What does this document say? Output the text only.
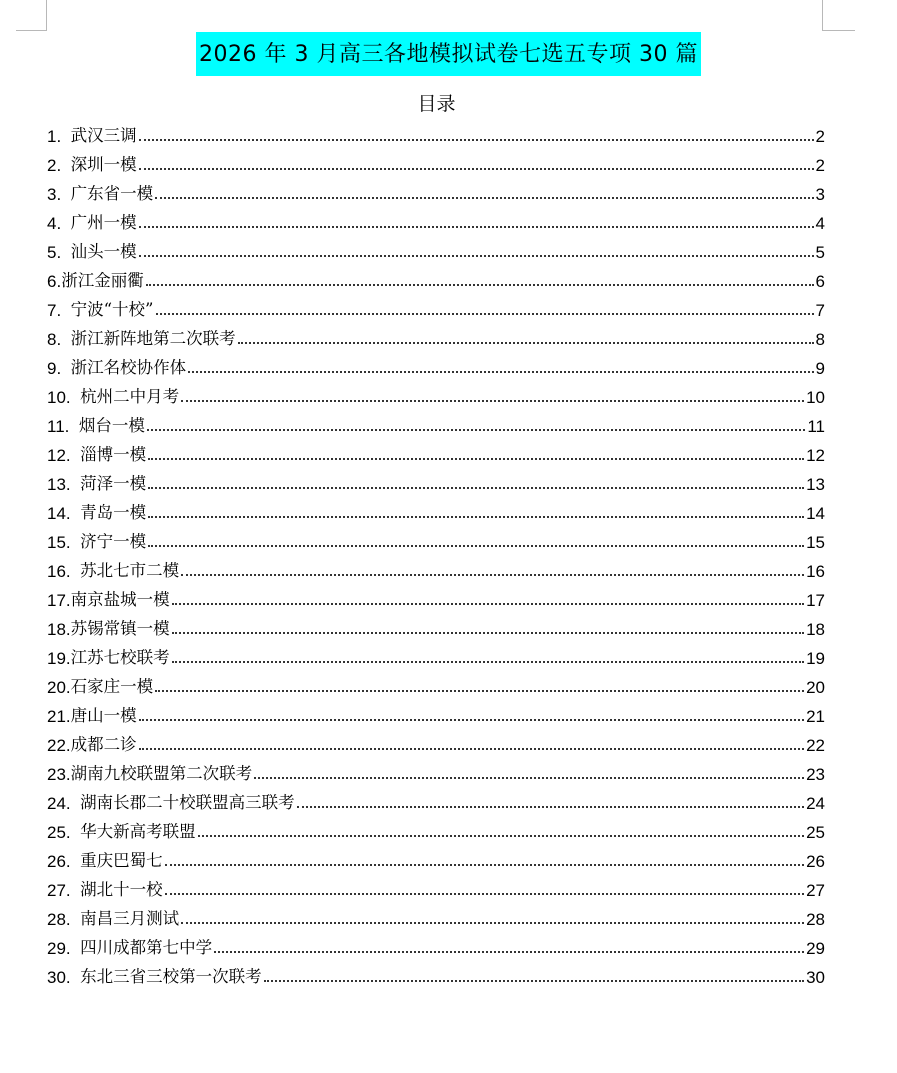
2026 年 3 月高三各地模拟试卷七选五专项 30 篇
目录
1. 武汉三调	2
2. 深圳一模	2
3. 广东省一模	3
4. 广州一模	4
5. 汕头一模	5
6. 浙江金丽衢	6
7. 宁波“十校”	7
8. 浙江新阵地第二次联考	8
9. 浙江名校协作体	9
10. 杭州二中月考	10
11. 烟台一模	11
12. 淄博一模	12
13. 菏泽一模	13
14. 青岛一模	14
15. 济宁一模	15
16. 苏北七市二模	16
17. 南京盐城一模	17
18. 苏锡常镇一模	18
19. 江苏七校联考	19
20. 石家庄一模	20
21. 唐山一模	21
22. 成都二诊	22
23. 湖南九校联盟第二次联考	23
24. 湖南长郡二十校联盟高三联考	24
25. 华大新高考联盟	25
26. 重庆巴蜀七	26
27. 湖北十一校	27
28. 南昌三月测试	28
29. 四川成都第七中学	29
30. 东北三省三校第一次联考	30
